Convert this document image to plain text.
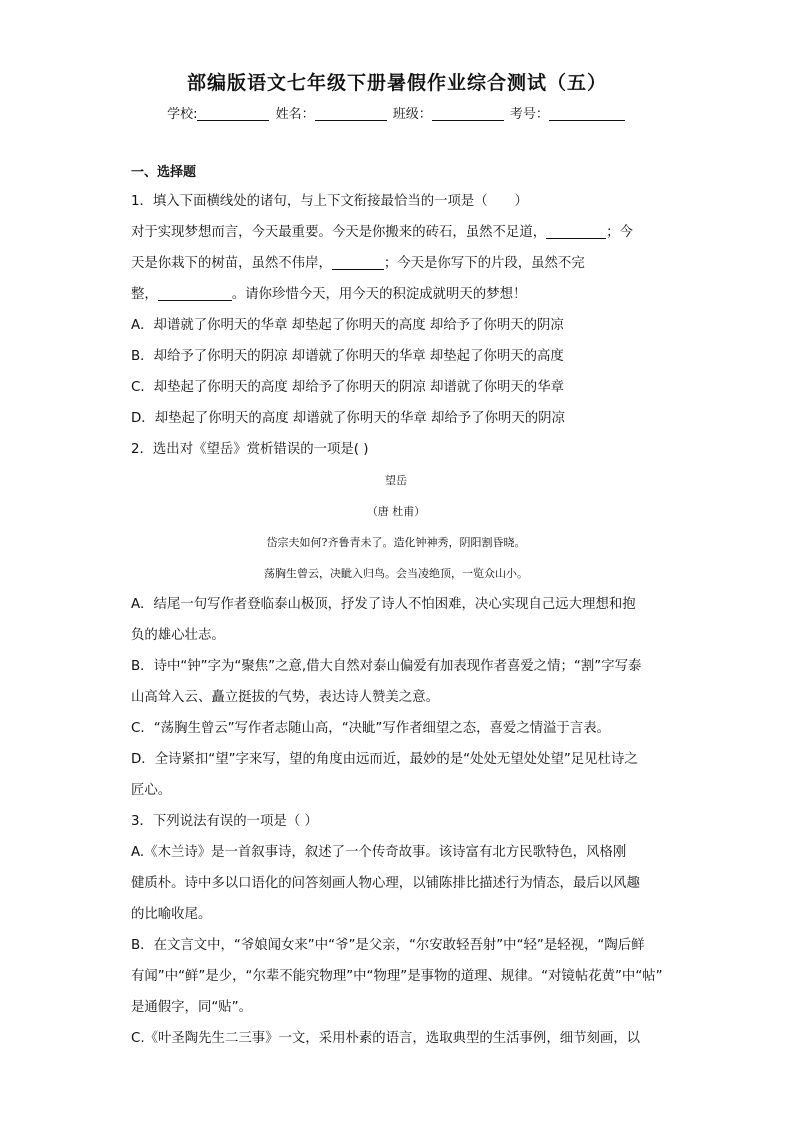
部编版语文七年级下册暑假作业综合测试（五）
学校:	姓名：	班级：	考号：
一、选择题
1．填入下面横线处的诸句，与上下文衔接最恰当的一项是（　　）
对于实现梦想而言，今天最重要。今天是你搬来的砖石，虽然不足道，	；今
天是你栽下的树苗，虽然不伟岸，	；今天是你写下的片段，虽然不完
整，	。请你珍惜今天，用今天的积淀成就明天的梦想！
A．却谱就了你明天的华章 却垫起了你明天的高度 却给予了你明天的阴凉
B．却给予了你明天的阴凉 却谱就了你明天的华章 却垫起了你明天的高度
C．却垫起了你明天的高度 却给予了你明天的阴凉 却谱就了你明天的华章
D．却垫起了你明天的高度 却谱就了你明天的华章 却给予了你明天的阴凉
2．选出对《望岳》赏析错误的一项是( )
望岳
（唐 杜甫）
岱宗夫如何?齐鲁青未了。造化钟神秀，阴阳割昏晓。
荡胸生曾云，决眦入归鸟。会当凌绝顶，一览众山小。
A．结尾一句写作者登临泰山极顶，抒发了诗人不怕困难，决心实现自己远大理想和抱
负的雄心壮志。
B．诗中“钟”字为“聚焦”之意,借大自然对泰山偏爱有加表现作者喜爱之情；“割”字写泰
山高耸入云、矗立挺拔的气势，表达诗人赞美之意。
C．“荡胸生曾云”写作者志随山高，“决眦”写作者细望之态，喜爱之情溢于言表。
D．全诗紧扣“望”字来写，望的角度由远而近，最妙的是“处处无望处处望”足见杜诗之
匠心。
3．下列说法有误的一项是（ ）
A.《木兰诗》是一首叙事诗，叙述了一个传奇故事。该诗富有北方民歌特色，风格刚
健质朴。诗中多以口语化的问答刻画人物心理，以铺陈排比描述行为情态，最后以风趣
的比喻收尾。
B．在文言文中，“爷娘闻女来”中“爷”是父亲，“尔安敢轻吾射”中“轻”是轻视，“陶后鲜
有闻”中“鲜”是少，“尔辈不能究物理”中“物理”是事物的道理、规律。“对镜帖花黄”中“帖”
是通假字，同“贴”。
C.《叶圣陶先生二三事》一文，采用朴素的语言，选取典型的生活事例，细节刻画，以
